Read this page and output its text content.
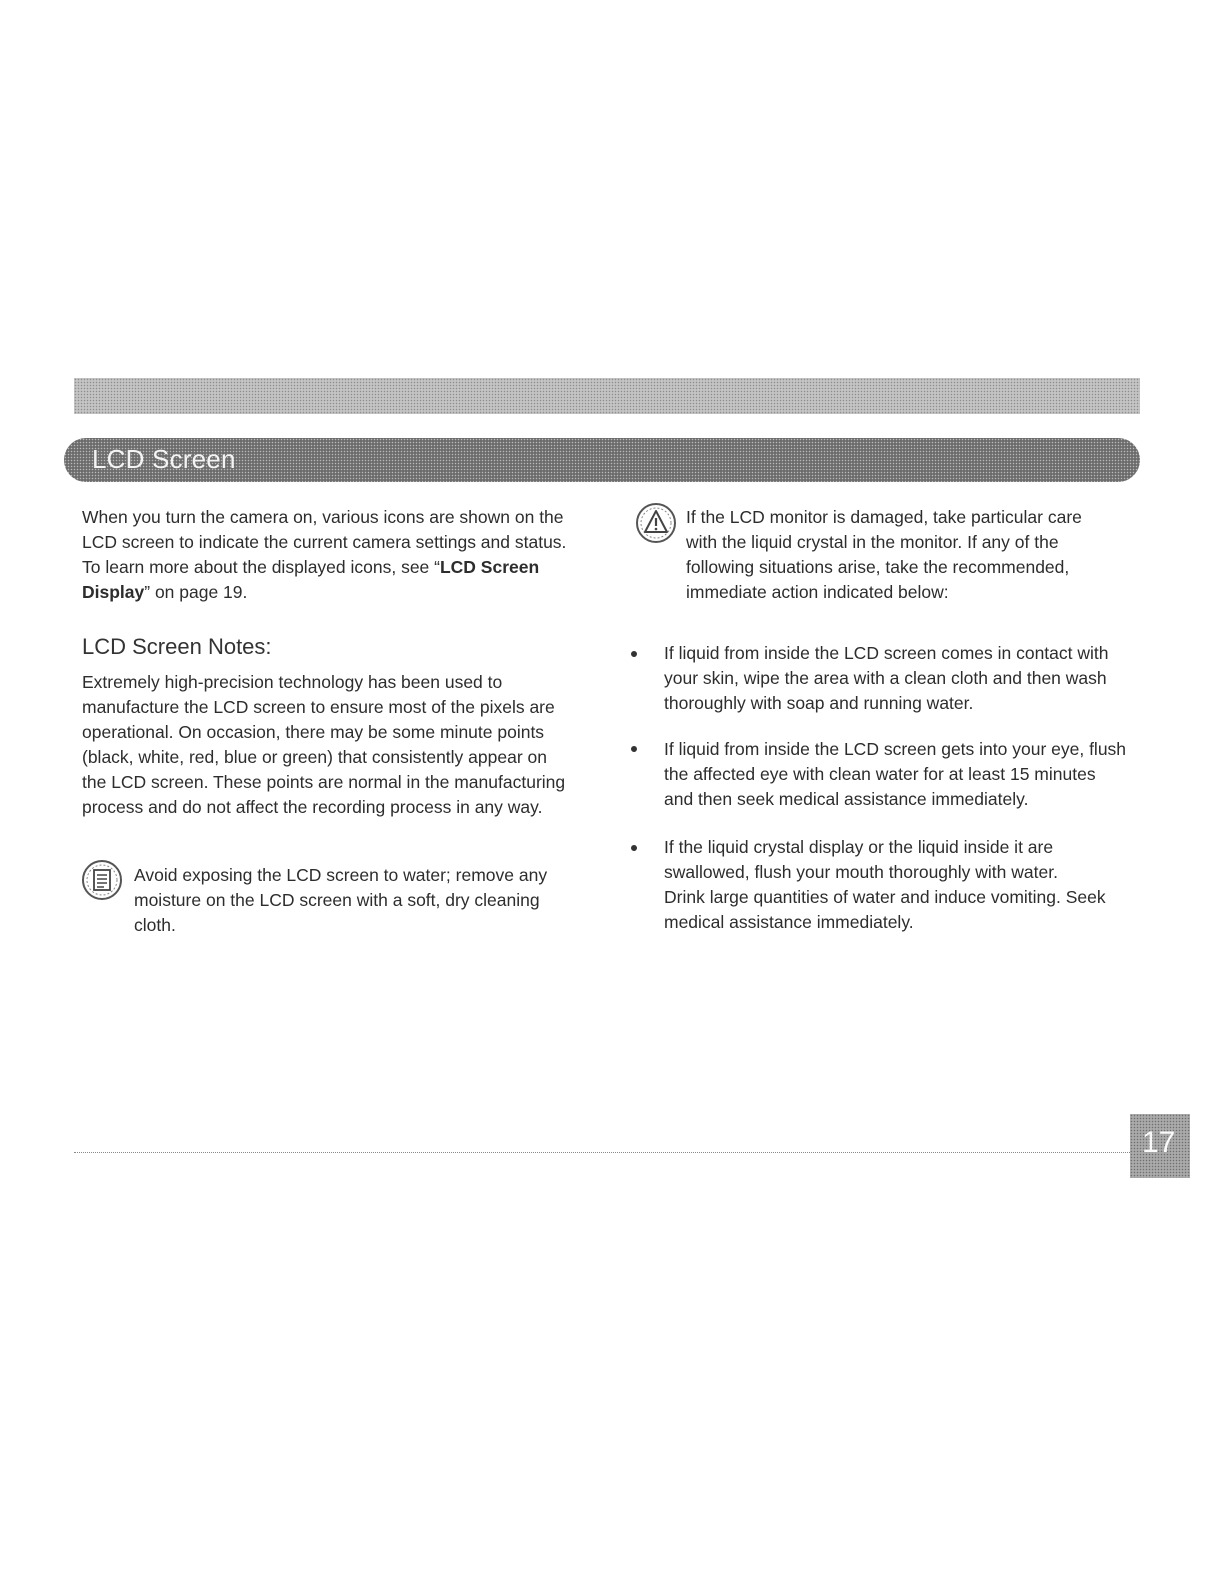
LCD Screen
When you turn the camera on, various icons are shown on the
LCD screen to indicate the current camera settings and status.
To learn more about the displayed icons, see “LCD Screen
Display” on page 19.
LCD Screen Notes:
Extremely high-precision technology has been used to
manufacture the LCD screen to ensure most of the pixels are
operational. On occasion, there may be some minute points
(black, white, red, blue or green) that consistently appear on
the LCD screen. These points are normal in the manufacturing
process and do not affect the recording process in any way.
Avoid exposing the LCD screen to water; remove any
moisture on the LCD screen with a soft, dry cleaning
cloth.
If the LCD monitor is damaged, take particular care
with the liquid crystal in the monitor. If any of the
following situations arise, take the recommended,
immediate action indicated below:
If liquid from inside the LCD screen comes in contact with
your skin, wipe the area with a clean cloth and then wash
thoroughly with soap and running water.
If liquid from inside the LCD screen gets into your eye, flush
the affected eye with clean water for at least 15 minutes
and then seek medical assistance immediately.
If the liquid crystal display or the liquid inside it are
swallowed, flush your mouth thoroughly with water.
Drink large quantities of water and induce vomiting. Seek
medical assistance immediately.
17
